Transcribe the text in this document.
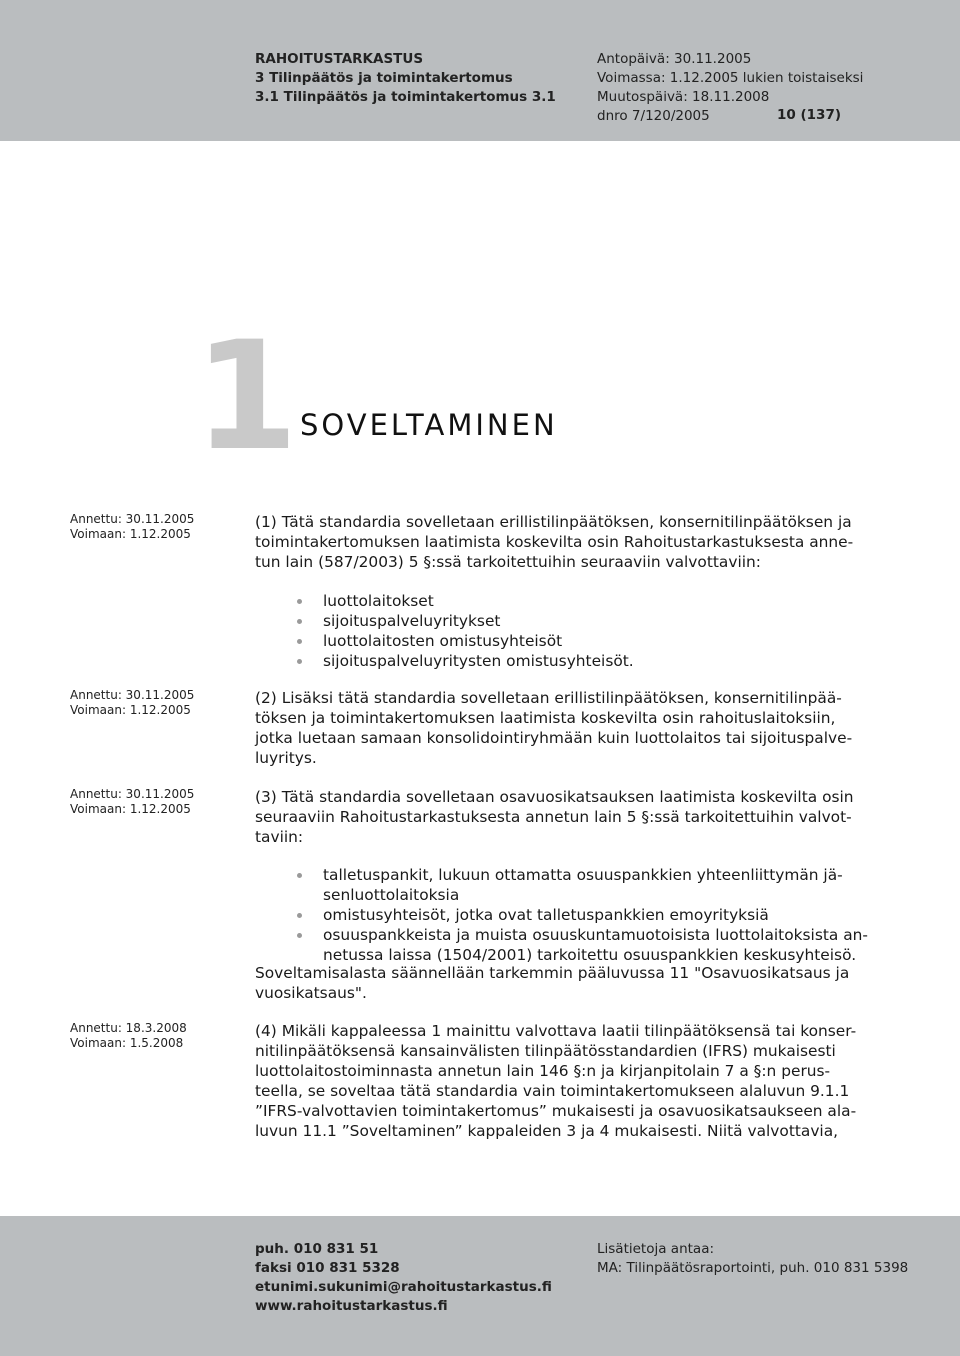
RAHOITUSTARKASTUS
3 Tilinpäätös ja toimintakertomus
3.1 Tilinpäätös ja toimintakertomus 3.1
Antopäivä: 30.11.2005
Voimassa: 1.12.2005 lukien toistaiseksi
Muutospäivä: 18.11.2008
dnro 7/120/2005	10 (137)
1 SOVELTAMINEN
Annettu: 30.11.2005
Voimaan: 1.12.2005
Annettu: 30.11.2005
Voimaan: 1.12.2005
Annettu: 30.11.2005
Voimaan: 1.12.2005
Annettu: 18.3.2008
Voimaan: 1.5.2008
(1) Tätä standardia sovelletaan erillistilinpäätöksen, konsernitilinpäätöksen ja
toimintakertomuksen laatimista koskevilta osin Rahoitustarkastuksesta anne-
tun lain (587/2003) 5 §:ssä tarkoitettuihin seuraaviin valvottaviin:
luottolaitokset
sijoituspalveluyritykset
luottolaitosten omistusyhteisöt
sijoituspalveluyritysten omistusyhteisöt.
(2) Lisäksi tätä standardia sovelletaan erillistilinpäätöksen, konsernitilinpää-
töksen ja toimintakertomuksen laatimista koskevilta osin rahoituslaitoksiin,
jotka luetaan samaan konsolidointiryhmään kuin luottolaitos tai sijoituspalve-
luyritys.
(3) Tätä standardia sovelletaan osavuosikatsauksen laatimista koskevilta osin
seuraaviin Rahoitustarkastuksesta annetun lain 5 §:ssä tarkoitettuihin valvot-
taviin:
talletuspankit, lukuun ottamatta osuuspankkien yhteenliittymän jä-
senluottolaitoksia
omistusyhteisöt, jotka ovat talletuspankkien emoyrityksiä
osuuspankkeista ja muista osuuskuntamuotoisista luottolaitoksista an-
netussa laissa (1504/2001) tarkoitettu osuuspankkien keskusyhteisö.
Soveltamisalasta säännellään tarkemmin pääluvussa 11 "Osavuosikatsaus ja
vuosikatsaus".
(4) Mikäli kappaleessa 1 mainittu valvottava laatii tilinpäätöksensä tai konser-
nitilinpäätöksensä kansainvälisten tilinpäätösstandardien (IFRS) mukaisesti
luottolaitostoiminnasta annetun lain 146 §:n ja kirjanpitolain 7 a §:n perus-
teella, se soveltaa tätä standardia vain toimintakertomukseen alaluvun 9.1.1
”IFRS-valvottavien toimintakertomus” mukaisesti ja osavuosikatsaukseen ala-
luvun 11.1 ”Soveltaminen” kappaleiden 3 ja 4 mukaisesti. Niitä valvottavia,
puh. 010 831 51
faksi 010 831 5328
etunimi.sukunimi@rahoitustarkastus.fi
www.rahoitustarkastus.fi
Lisätietoja antaa:
MA: Tilinpäätösraportointi, puh. 010 831 5398
